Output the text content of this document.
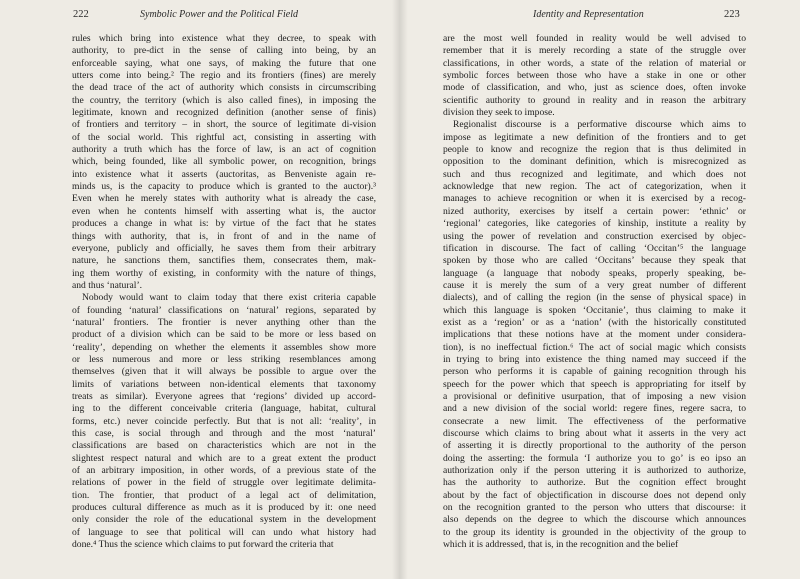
222	Symbolic Power and the Political Field
rules which bring into existence what they decree, to speak with
authority, to pre-dict in the sense of calling into being, by an
enforceable saying, what one says, of making the future that one
utters come into being.² The regio and its frontiers (fines) are merely
the dead trace of the act of authority which consists in circumscribing
the country, the territory (which is also called fines), in imposing the
legitimate, known and recognized definition (another sense of finis)
of frontiers and territory – in short, the source of legitimate di-vision
of the social world. This rightful act, consisting in asserting with
authority a truth which has the force of law, is an act of cognition
which, being founded, like all symbolic power, on recognition, brings
into existence what it asserts (auctoritas, as Benveniste again re-
minds us, is the capacity to produce which is granted to the auctor).³
Even when he merely states with authority what is already the case,
even when he contents himself with asserting what is, the auctor
produces a change in what is: by virtue of the fact that he states
things with authority, that is, in front of and in the name of
everyone, publicly and officially, he saves them from their arbitrary
nature, he sanctions them, sanctifies them, consecrates them, mak-
ing them worthy of existing, in conformity with the nature of things,
and thus ‘natural’.
Nobody would want to claim today that there exist criteria capable
of founding ‘natural’ classifications on ‘natural’ regions, separated by
‘natural’ frontiers. The frontier is never anything other than the
product of a division which can be said to be more or less based on
‘reality’, depending on whether the elements it assembles show more
or less numerous and more or less striking resemblances among
themselves (given that it will always be possible to argue over the
limits of variations between non-identical elements that taxonomy
treats as similar). Everyone agrees that ‘regions’ divided up accord-
ing to the different conceivable criteria (language, habitat, cultural
forms, etc.) never coincide perfectly. But that is not all: ‘reality’, in
this case, is social through and through and the most ‘natural’
classifications are based on characteristics which are not in the
slightest respect natural and which are to a great extent the product
of an arbitrary imposition, in other words, of a previous state of the
relations of power in the field of struggle over legitimate delimita-
tion. The frontier, that product of a legal act of delimitation,
produces cultural difference as much as it is produced by it: one need
only consider the role of the educational system in the development
of language to see that political will can undo what history had
done.⁴ Thus the science which claims to put forward the criteria that
Identity and Representation	223
are the most well founded in reality would be well advised to
remember that it is merely recording a state of the struggle over
classifications, in other words, a state of the relation of material or
symbolic forces between those who have a stake in one or other
mode of classification, and who, just as science does, often invoke
scientific authority to ground in reality and in reason the arbitrary
division they seek to impose.
Regionalist discourse is a performative discourse which aims to
impose as legitimate a new definition of the frontiers and to get
people to know and recognize the region that is thus delimited in
opposition to the dominant definition, which is misrecognized as
such and thus recognized and legitimate, and which does not
acknowledge that new region. The act of categorization, when it
manages to achieve recognition or when it is exercised by a recog-
nized authority, exercises by itself a certain power: ‘ethnic’ or
‘regional’ categories, like categories of kinship, institute a reality by
using the power of revelation and construction exercised by objec-
tification in discourse. The fact of calling ‘Occitan’⁵ the language
spoken by those who are called ‘Occitans’ because they speak that
language (a language that nobody speaks, properly speaking, be-
cause it is merely the sum of a very great number of different
dialects), and of calling the region (in the sense of physical space) in
which this language is spoken ‘Occitanie’, thus claiming to make it
exist as a ‘region’ or as a ‘nation’ (with the historically constituted
implications that these notions have at the moment under considera-
tion), is no ineffectual fiction.⁶ The act of social magic which consists
in trying to bring into existence the thing named may succeed if the
person who performs it is capable of gaining recognition through his
speech for the power which that speech is appropriating for itself by
a provisional or definitive usurpation, that of imposing a new vision
and a new division of the social world: regere fines, regere sacra, to
consecrate a new limit. The effectiveness of the performative
discourse which claims to bring about what it asserts in the very act
of asserting it is directly proportional to the authority of the person
doing the asserting: the formula ‘I authorize you to go’ is eo ipso an
authorization only if the person uttering it is authorized to authorize,
has the authority to authorize. But the cognition effect brought
about by the fact of objectification in discourse does not depend only
on the recognition granted to the person who utters that discourse: it
also depends on the degree to which the discourse which announces
to the group its identity is grounded in the objectivity of the group to
which it is addressed, that is, in the recognition and the belief
